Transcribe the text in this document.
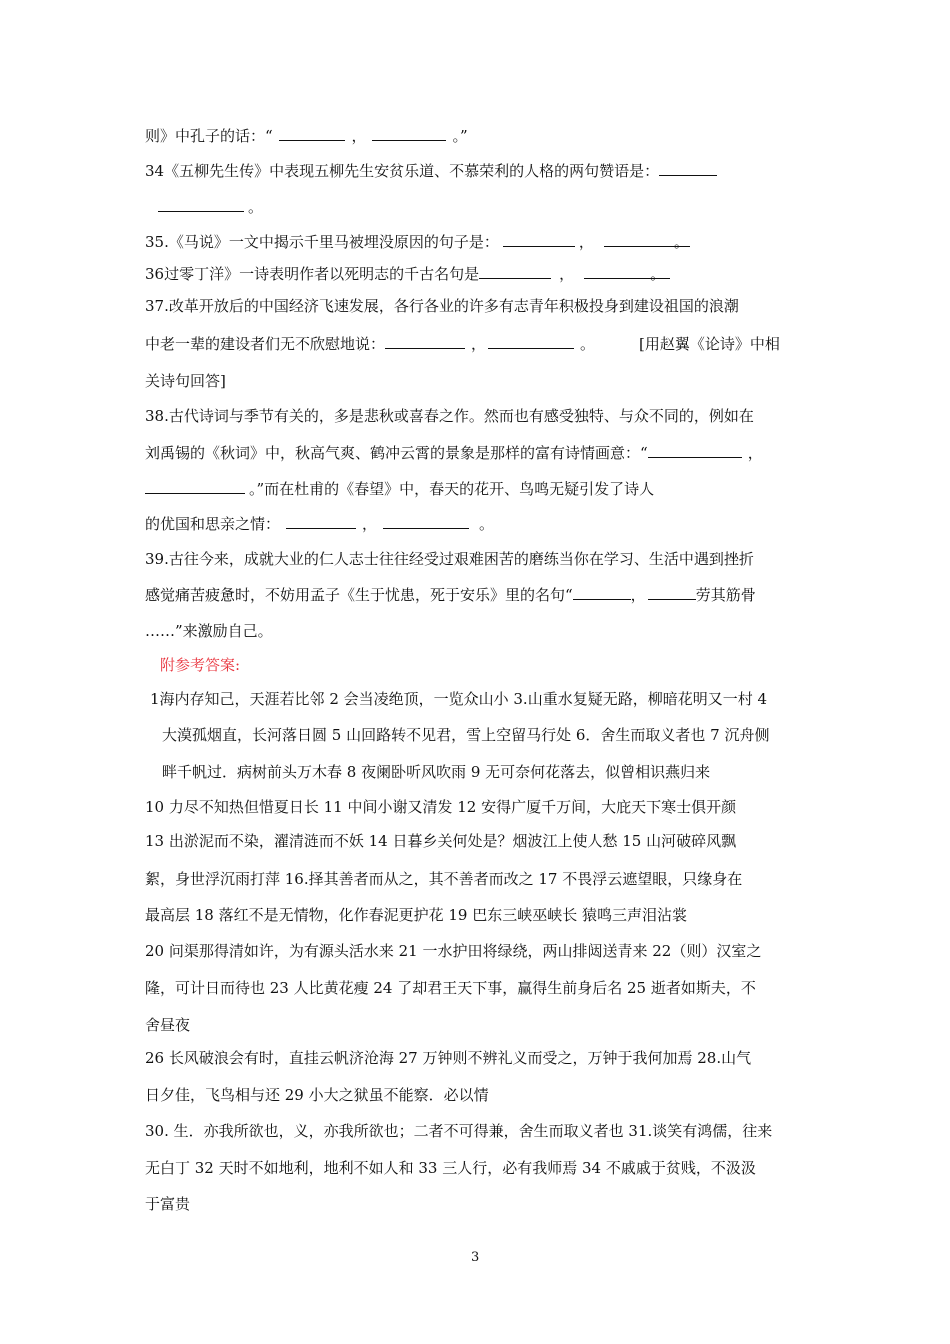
则》中孔子的话：“	，	。”
34《五柳先生传》中表现五柳先生安贫乐道、不慕荣利的人格的两句赞语是：
。
35.《马说》一文中揭示千里马被埋没原因的句子是：	，	。
36过零丁洋》一诗表明作者以死明志的千古名句是	，	。
37.改革开放后的中国经济飞速发展，各行各业的许多有志青年积极投身到建设祖国的浪潮
中老一辈的建设者们无不欣慰地说：	，	。	[用赵翼《论诗》中相
关诗句回答]
38.古代诗词与季节有关的，多是悲秋或喜春之作。然而也有感受独特、与众不同的，例如在
刘禹锡的《秋词》中，秋高气爽、鹤冲云霄的景象是那样的富有诗情画意：“	，
。”而在杜甫的《春望》中，春天的花开、鸟鸣无疑引发了诗人
的优国和思亲之情：	，	。
39.古往今来，成就大业的仁人志士往往经受过艰难困苦的磨练当你在学习、生活中遇到挫折
感觉痛苦疲惫时，不妨用孟子《生于忧患，死于安乐》里的名句“	，	劳其筋骨
……”来激励自己。
附参考答案:
1海内存知己，天涯若比邻 2 会当凌绝顶，一览众山小 3.山重水复疑无路，柳暗花明又一村 4
大漠孤烟直，长河落日圆 5 山回路转不见君，雪上空留马行处 6．舍生而取义者也 7 沉舟侧
畔千帆过．病树前头万木春 8 夜阑卧听风吹雨 9 无可奈何花落去，似曾相识燕归来
10 力尽不知热但惜夏日长 11 中间小谢又清发 12 安得广厦千万间，大庇天下寒士俱开颜
13 出淤泥而不染，濯清涟而不妖 14 日暮乡关何处是？烟波江上使人愁 15 山河破碎风飘
絮，身世浮沉雨打萍 16.择其善者而从之，其不善者而改之 17 不畏浮云遮望眼，只缘身在
最高层 18 落红不是无情物，化作春泥更护花 19 巴东三峡巫峡长 猿鸣三声泪沾裳
20 问渠那得清如许，为有源头活水来 21 一水护田将绿绕，两山排闼送青来 22（则）汉室之
隆，可计日而待也 23 人比黄花瘦 24 了却君王天下事，赢得生前身后名 25 逝者如斯夫，不
舍昼夜
26 长风破浪会有时，直挂云帆济沧海 27 万钟则不辨礼义而受之，万钟于我何加焉 28.山气
日夕佳，飞鸟相与还 29 小大之狱虽不能察．必以情
30. 生．亦我所欲也，义，亦我所欲也；二者不可得兼，舍生而取义者也 31.谈笑有鸿儒，往来
无白丁 32 天时不如地利，地利不如人和 33 三人行，必有我师焉 34 不戚戚于贫贱，不汲汲
于富贵
3
